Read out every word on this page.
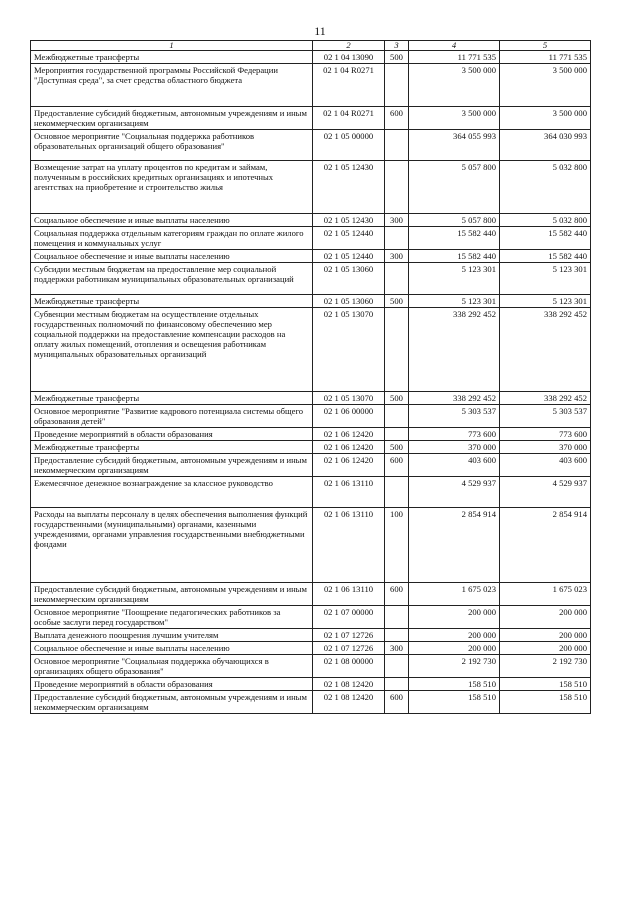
11
1	2	3	4	5
Межбюджетные трансферты	02 1 04 13090	500	11 771 535	11 771 535
Мероприятия государственной программы Российской Федерации "Доступная среда", за счет средства областного бюджета	02 1 04 R0271		3 500 000	3 500 000
Предоставление субсидий бюджетным, автономным учреждениям и иным некоммерческим организациям	02 1 04 R0271	600	3 500 000	3 500 000
Основное мероприятие "Социальная поддержка работников образовательных организаций общего образования"	02 1 05 00000		364 055 993	364 030 993
Возмещение затрат на уплату процентов по кредитам и займам, полученным в российских кредитных организациях и ипотечных агентствах на приобретение и строительство жилья	02 1 05 12430		5 057 800	5 032 800
Социальное обеспечение и иные выплаты населению	02 1 05 12430	300	5 057 800	5 032 800
Социальная поддержка отдельным категориям граждан по оплате жилого помещения и коммунальных услуг	02 1 05 12440		15 582 440	15 582 440
Социальное обеспечение и иные выплаты населению	02 1 05 12440	300	15 582 440	15 582 440
Субсидии местным бюджетам на предоставление мер социальной поддержки работникам муниципальных образовательных организаций	02 1 05 13060		5 123 301	5 123 301
Межбюджетные трансферты	02 1 05 13060	500	5 123 301	5 123 301
Субвенции местным бюджетам на осуществление отдельных государственных полномочий по финансовому обеспечению мер социальной поддержки на предоставление компенсации расходов на оплату жилых помещений, отопления и освещения работникам муниципальных образовательных организаций	02 1 05 13070		338 292 452	338 292 452
Межбюджетные трансферты	02 1 05 13070	500	338 292 452	338 292 452
Основное мероприятие "Развитие кадрового потенциала системы общего образования детей"	02 1 06 00000		5 303 537	5 303 537
Проведение мероприятий в области образования	02 1 06 12420		773 600	773 600
Межбюджетные трансферты	02 1 06 12420	500	370 000	370 000
Предоставление субсидий бюджетным, автономным учреждениям и иным некоммерческим организациям	02 1 06 12420	600	403 600	403 600
Ежемесячное денежное вознаграждение за классное руководство	02 1 06 13110		4 529 937	4 529 937
Расходы на выплаты персоналу в целях обеспечения выполнения функций государственными (муниципальными) органами, казенными учреждениями, органами управления государственными внебюджетными фондами	02 1 06 13110	100	2 854 914	2 854 914
Предоставление субсидий бюджетным, автономным учреждениям и иным некоммерческим организациям	02 1 06 13110	600	1 675 023	1 675 023
Основное мероприятие "Поощрение педагогических работников за особые заслуги перед государством"	02 1 07 00000		200 000	200 000
Выплата денежного поощрения лучшим учителям	02 1 07 12726		200 000	200 000
Социальное обеспечение и иные выплаты населению	02 1 07 12726	300	200 000	200 000
Основное мероприятие "Социальная поддержка обучающихся в организациях общего образования"	02 1 08 00000		2 192 730	2 192 730
Проведение мероприятий в области образования	02 1 08 12420		158 510	158 510
Предоставление субсидий бюджетным, автономным учреждениям и иным некоммерческим организациям	02 1 08 12420	600	158 510	158 510
